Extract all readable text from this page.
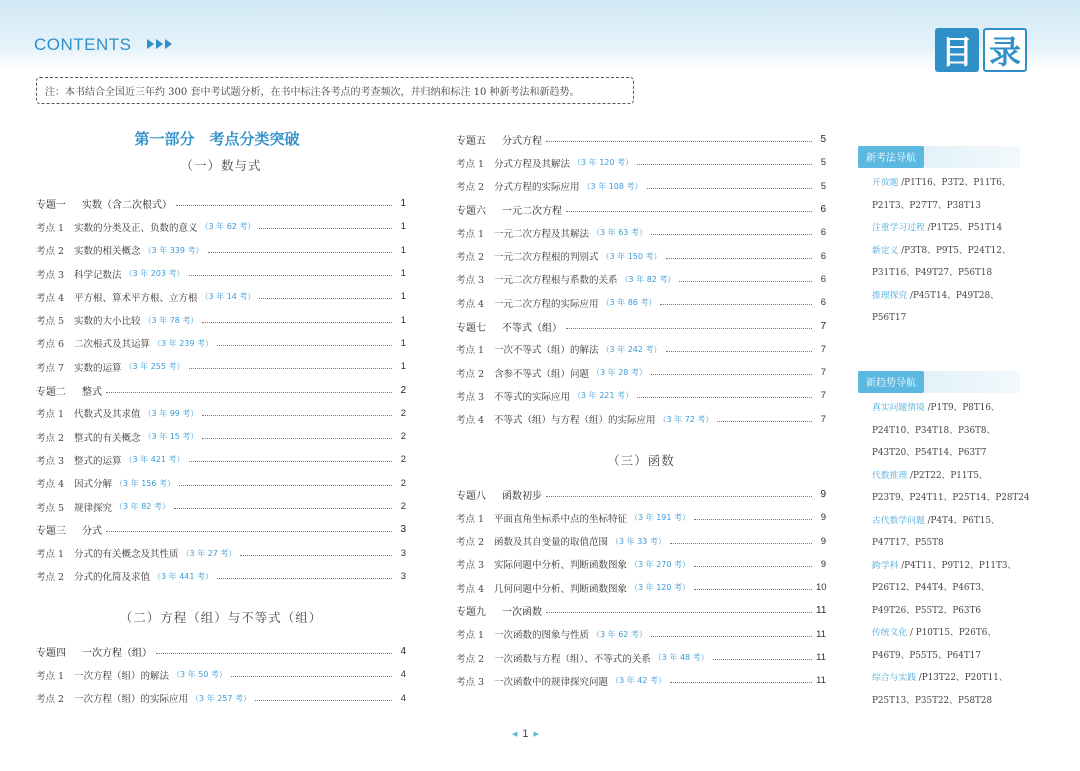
CONTENTS	目 录
注：本书结合全国近三年约 300 套中考试题分析，在书中标注各考点的考查频次，并归纳和标注 10 种新考法和新趋势。
第一部分　考点分类突破
（一）数与式
专题一	实数（含二次根式）	1
考点 1	实数的分类及正、负数的意义 （3 年 62 考）	1
考点 2	实数的相关概念 （3 年 339 考）	1
考点 3	科学记数法 （3 年 203 考）	1
考点 4	平方根、算术平方根、立方根 （3 年 14 考）	1
考点 5	实数的大小比较 （3 年 78 考）	1
考点 6	二次根式及其运算 （3 年 239 考）	1
考点 7	实数的运算 （3 年 255 考）	1
专题二	整式	2
考点 1	代数式及其求值 （3 年 99 考）	2
考点 2	整式的有关概念 （3 年 15 考）	2
考点 3	整式的运算 （3 年 421 考）	2
考点 4	因式分解 （3 年 156 考）	2
考点 5	规律探究 （3 年 82 考）	2
专题三	分式	3
考点 1	分式的有关概念及其性质 （3 年 27 考）	3
考点 2	分式的化简及求值 （3 年 441 考）	3
（二）方程（组）与不等式（组）
专题四	一次方程（组）	4
考点 1	一次方程（组）的解法 （3 年 50 考）	4
考点 2	一次方程（组）的实际应用 （3 年 257 考）	4
专题五	分式方程	5
考点 1	分式方程及其解法 （3 年 120 考）	5
考点 2	分式方程的实际应用 （3 年 108 考）	5
专题六	一元二次方程	6
考点 1	一元二次方程及其解法 （3 年 63 考）	6
考点 2	一元二次方程根的判别式 （3 年 150 考）	6
考点 3	一元二次方程根与系数的关系 （3 年 82 考）	6
考点 4	一元二次方程的实际应用 （3 年 86 考）	6
专题七	不等式（组）	7
考点 1	一次不等式（组）的解法 （3 年 242 考）	7
考点 2	含参不等式（组）问题 （3 年 28 考）	7
考点 3	不等式的实际应用 （3 年 221 考）	7
考点 4	不等式（组）与方程（组）的实际应用 （3 年 72 考）	7
（三）函数
专题八	函数初步	9
考点 1	平面直角坐标系中点的坐标特征 （3 年 191 考）	9
考点 2	函数及其自变量的取值范围 （3 年 33 考）	9
考点 3	实际问题中分析、判断函数图象 （3 年 270 考）	9
考点 4	几何问题中分析、判断函数图象 （3 年 120 考）	10
专题九	一次函数	11
考点 1	一次函数的图象与性质 （3 年 62 考）	11
考点 2	一次函数与方程（组）、不等式的关系 （3 年 48 考）	11
考点 3	一次函数中的规律探究问题 （3 年 42 考）	11
新考法导航
开放题 /P1T16、P3T2、P11T6、
P21T3、P27T7、P38T13
注重学习过程 /P1T25、P51T14
新定义 /P3T8、P9T5、P24T12、
P31T16、P49T27、P56T18
推理探究 /P45T14、P49T28、
P56T17
新趋势导航
真实问题情境 /P1T9、P8T16、
P24T10、P34T18、P36T8、
P43T20、P54T14、P63T7
代数推理 /P2T22、P11T5、
P23T9、P24T11、P25T14、P28T24
古代数学问题 /P4T4、P6T15、
P47T17、P55T8
跨学科 /P4T11、P9T12、P11T3、
P26T12、P44T4、P46T3、
P49T26、P55T2、P63T6
传统文化 / P10T15、P26T6、
P46T9、P55T5、P64T17
综合与实践 /P13T22、P20T11、
P25T13、P35T22、P58T28
◀ 1 ▶
